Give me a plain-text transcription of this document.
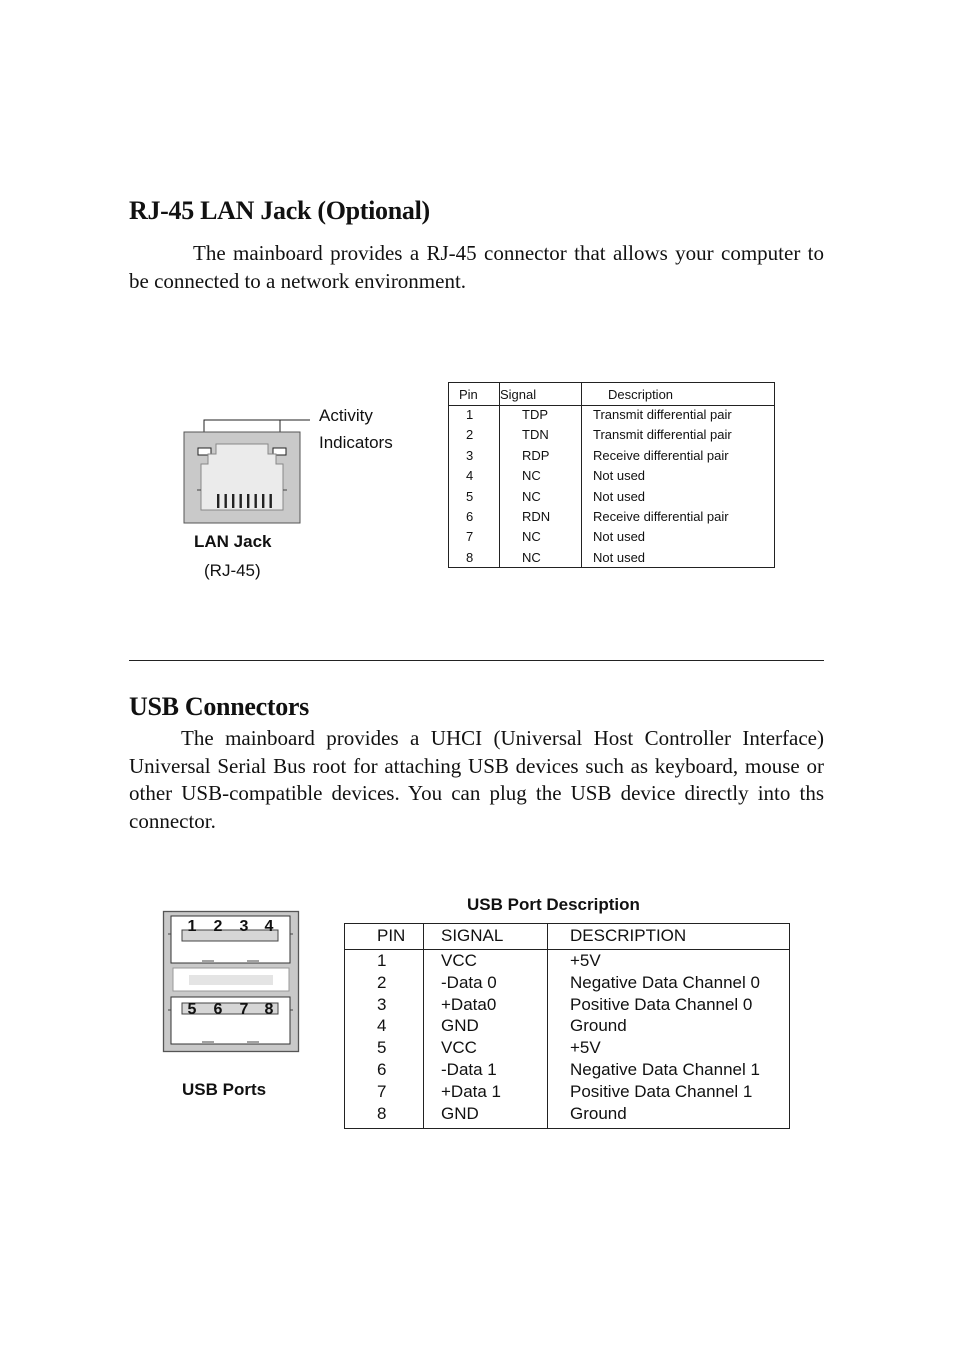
RJ-45 LAN Jack (Optional)

The mainboard provides a RJ-45 connector that allows your computer to be connected to a network environment.

Activity
Indicators
LAN Jack
(RJ-45)
Pin Signal	Description
1	TDP	Transmit differential pair
2	TDN	Transmit differential pair
3	RDP	Receive differential pair
4	NC	Not used
5	NC	Not used
6	RDN	Receive differential pair
7	NC	Not used
8	NC	Not used
USB Connectors

The mainboard provides a UHCI (Universal Host Controller Interface) Universal Serial Bus root for attaching USB devices such as keyboard, mouse or other USB-compatible devices. You can plug the USB device directly into ths connector.

1 2 3 4
5 6 7 8
USB Ports
USB Port Description
PIN SIGNAL	DESCRIPTION
1	VCC	+5V
2	-Data 0	Negative Data Channel 0
3	+Data0	Positive Data Channel 0
4	GND	Ground
5	VCC	+5V
6	-Data 1	Negative Data Channel 1
7	+Data 1	Positive Data Channel 1
8	GND	Ground
